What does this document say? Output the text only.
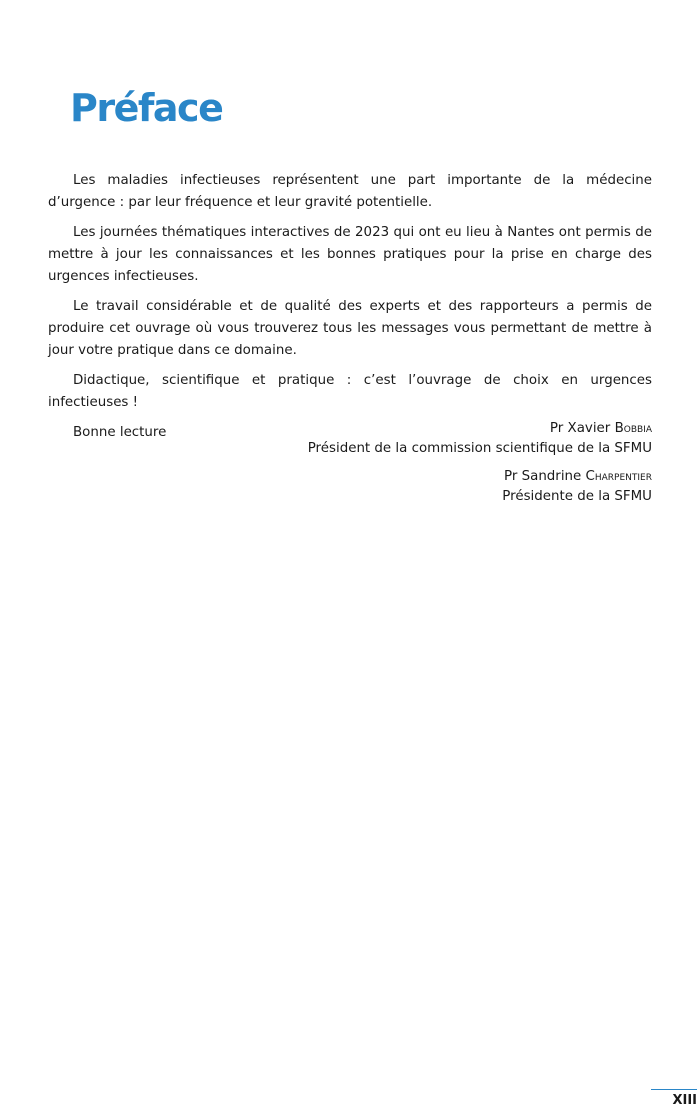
Préface

Les maladies infectieuses représentent une part importante de la médecine d’urgence : par leur fréquence et leur gravité potentielle.

Les journées thématiques interactives de 2023 qui ont eu lieu à Nantes ont permis de mettre à jour les connaissances et les bonnes pratiques pour la prise en charge des urgences infectieuses.

Le travail considérable et de qualité des experts et des rapporteurs a permis de produire cet ouvrage où vous trouverez tous les messages vous permettant de mettre à jour votre pratique dans ce domaine.

Didactique, scientifique et pratique : c’est l’ouvrage de choix en urgences infectieuses !

Bonne lecture	Pr Xavier Bobbia
Président de la commission scientifique de la SFMU
Pr Sandrine Charpentier
Présidente de la SFMU
XIII
